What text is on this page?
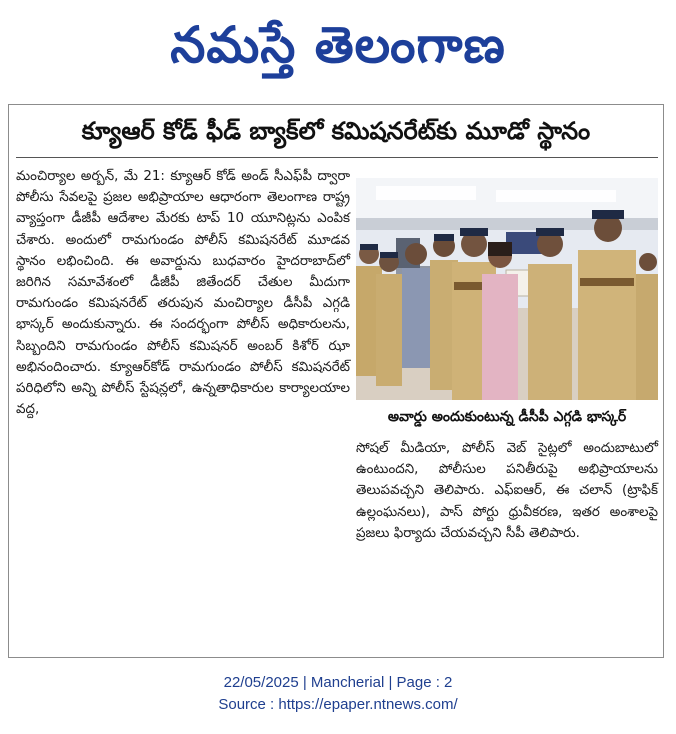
నమస్తే తెలంగాణ
క్యూఆర్ కోడ్ ఫీడ్ బ్యాక్‌లో కమిషనరేట్‌కు మూడో స్థానం

మంచిర్యాల అర్బన్, మే 21: క్యూఆర్ కోడ్ అండ్ సీఎఫ్‌పీ ద్వారా పోలీసు సేవలపై ప్రజల అభిప్రాయాల ఆధారంగా తెలంగాణ రాష్ట్ర వ్యాప్తంగా డీజీపీ ఆదేశాల మేరకు టాప్ 10 యూనిట్లను ఎంపిక చేశారు. అందులో రామగుండం పోలీస్ కమిషనరేట్ మూడవ స్థానం లభించింది. ఈ అవార్డును బుధవారం హైదరాబాద్‌లో జరిగిన సమావేశంలో డీజీపీ జితేందర్ చేతుల మీదుగా రామగుండం కమిషనరేట్ తరుపున మంచిర్యాల డీసీపీ ఎగ్గడి భాస్కర్ అందుకున్నారు. ఈ సందర్భంగా పోలీస్ అధికారులను, సిబ్బందిని రామగుండం పోలీస్ కమిషనర్ అంబర్ కిశోర్ ఝా అభినందించారు. క్యూఆర్‌కోడ్ రామగుండం పోలీస్ కమిషనరేట్ పరిధిలోని అన్ని పోలీస్ స్టేషన్లలో, ఉన్నతాధికారుల కార్యాలయాల వద్ద,	అవార్డు అందుకుంటున్న డీసీపీ ఎగ్గడి భాస్కర్

సోషల్ మీడియా, పోలీస్ వెబ్ సైట్లలో అందుబాటులో ఉంటుందని, పోలీసుల పనితీరుపై అభిప్రాయాలను తెలుపవచ్చని తెలిపారు. ఎఫ్ఐఆర్, ఈ చలాన్ (ట్రాఫిక్ ఉల్లంఘనలు), పాస్ పోర్టు ధ్రువీకరణ, ఇతర అంశాలపై ప్రజలు ఫిర్యాదు చేయవచ్చని సీపీ తెలిపారు.

22/05/2025 | Mancherial | Page : 2
Source : https://epaper.ntnews.com/
